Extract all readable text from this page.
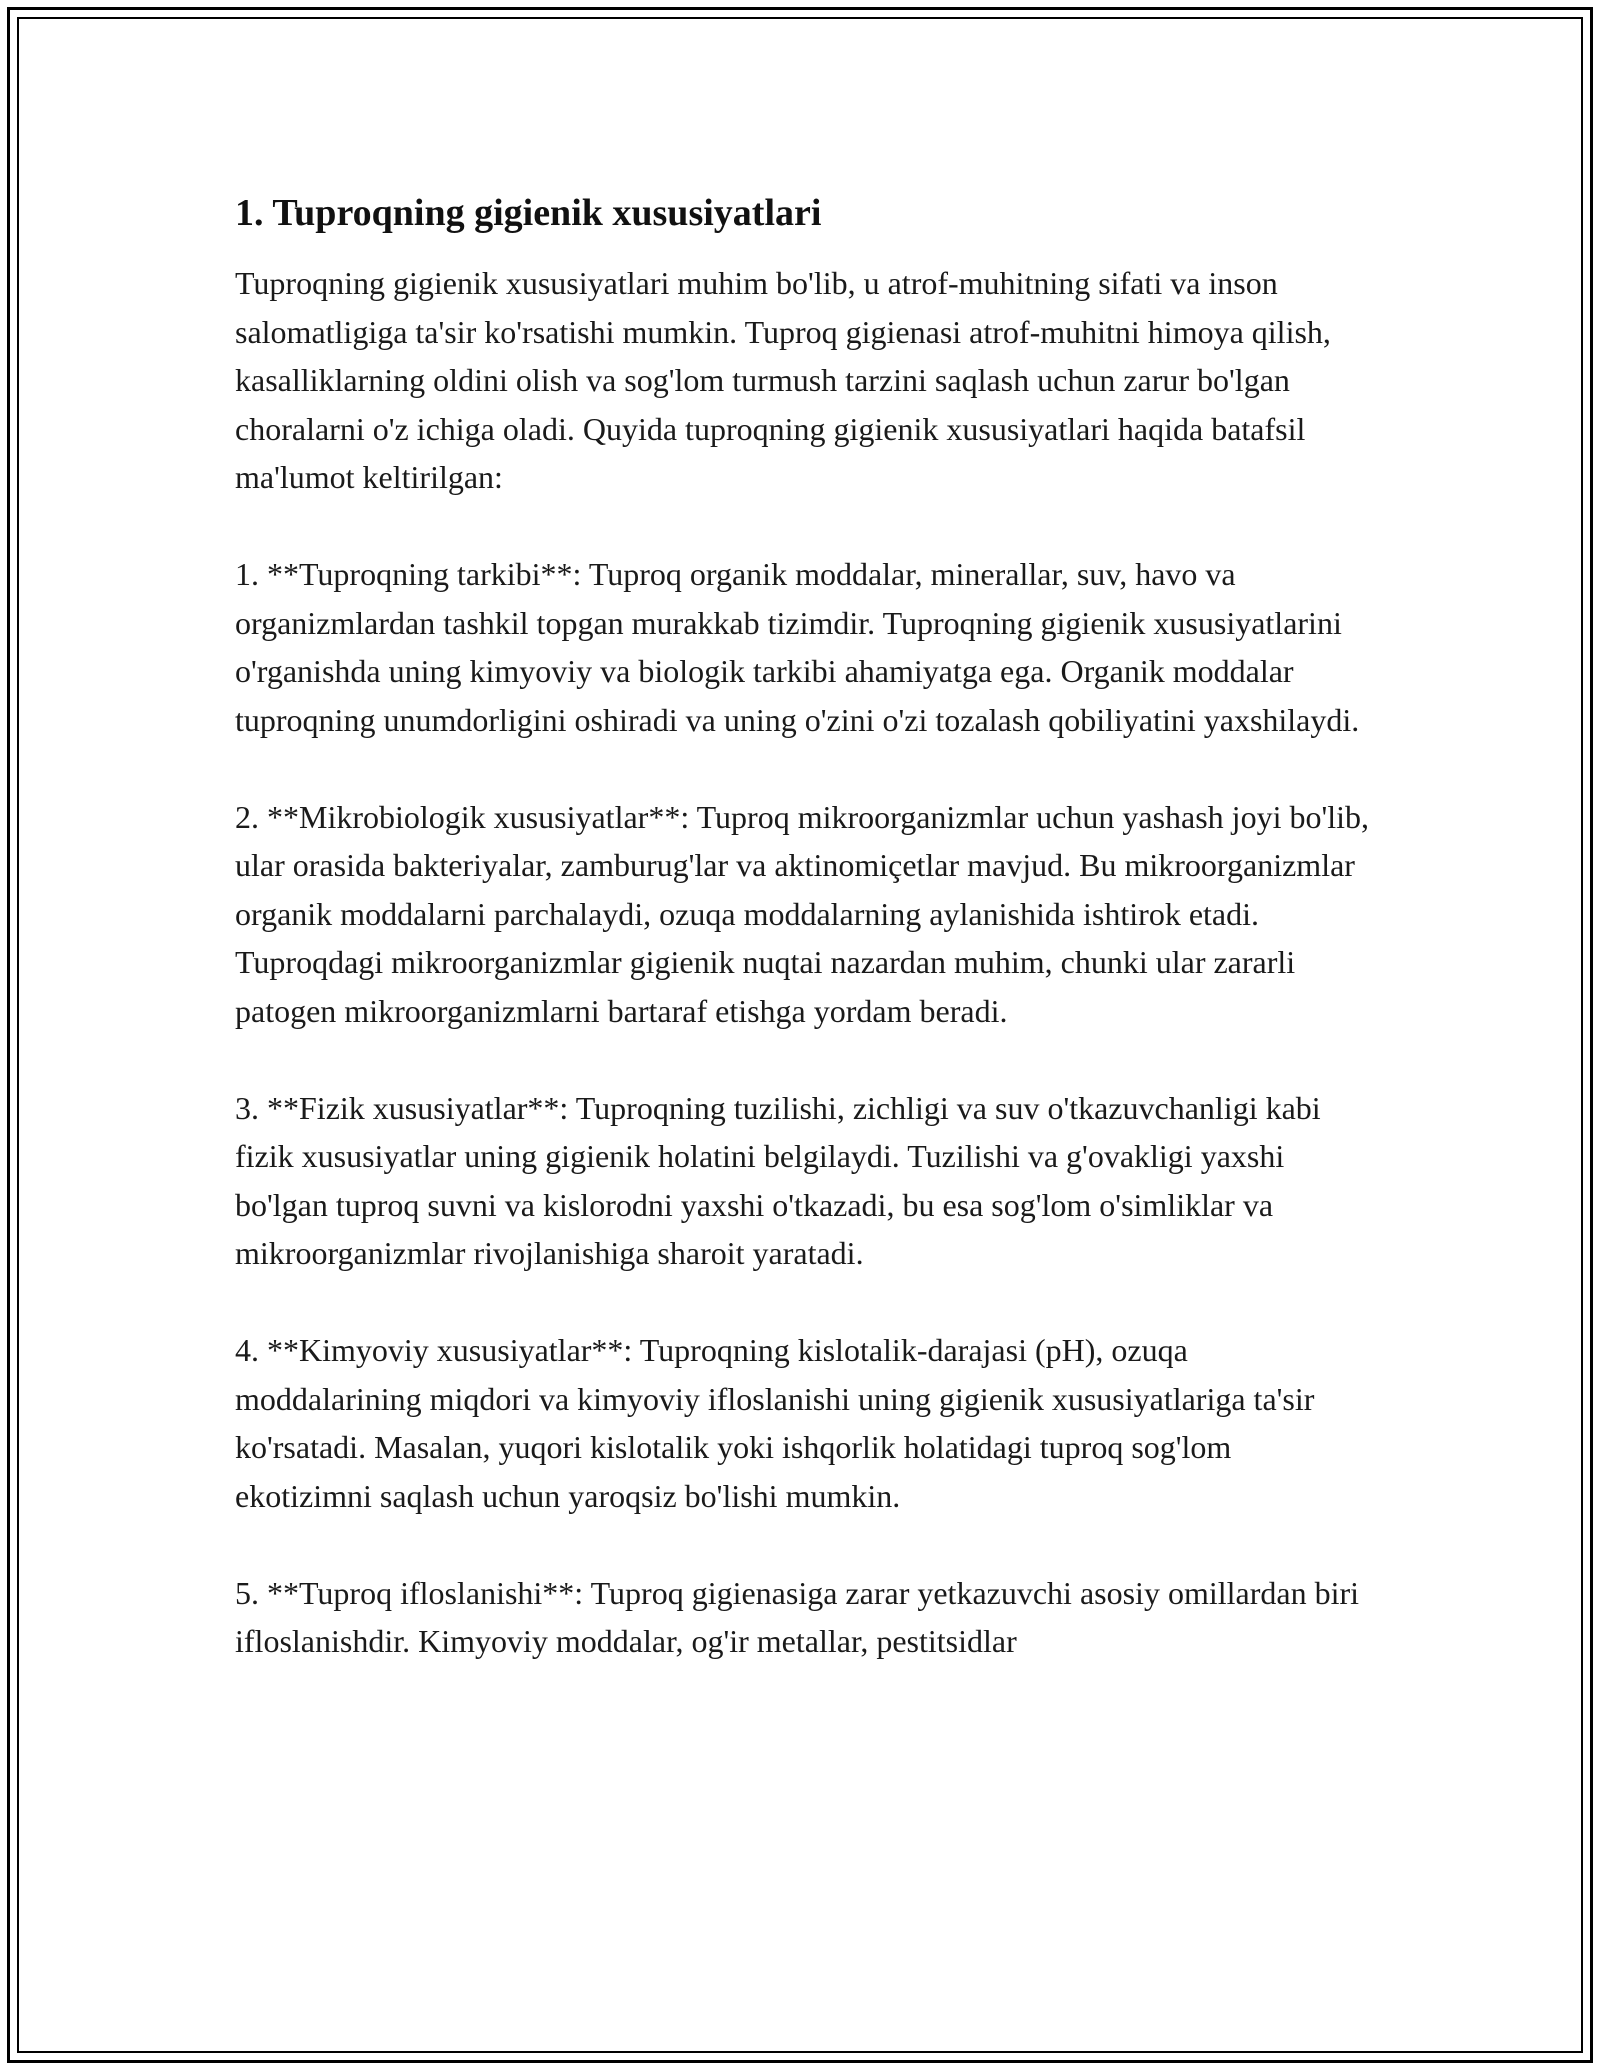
1. Tuproqning gigienik xususiyatlari

Tuproqning gigienik xususiyatlari muhim bo'lib, u atrof-muhitning sifati va inson salomatligiga ta'sir ko'rsatishi mumkin. Tuproq gigienasi atrof-muhitni himoya qilish, kasalliklarning oldini olish va sog'lom turmush tarzini saqlash uchun zarur bo'lgan choralarni o'z ichiga oladi. Quyida tuproqning gigienik xususiyatlari haqida batafsil ma'lumot keltirilgan:

1. **Tuproqning tarkibi**: Tuproq organik moddalar, minerallar, suv, havo va organizmlardan tashkil topgan murakkab tizimdir. Tuproqning gigienik xususiyatlarini o'rganishda uning kimyoviy va biologik tarkibi ahamiyatga ega. Organik moddalar tuproqning unumdorligini oshiradi va uning o'zini o'zi tozalash qobiliyatini yaxshilaydi.

2. **Mikrobiologik xususiyatlar**: Tuproq mikroorganizmlar uchun yashash joyi bo'lib, ular orasida bakteriyalar, zamburug'lar va aktinomiçetlar mavjud. Bu mikroorganizmlar organik moddalarni parchalaydi, ozuqa moddalarning aylanishida ishtirok etadi. Tuproqdagi mikroorganizmlar gigienik nuqtai nazardan muhim, chunki ular zararli patogen mikroorganizmlarni bartaraf etishga yordam beradi.

3. **Fizik xususiyatlar**: Tuproqning tuzilishi, zichligi va suv o'tkazuvchanligi kabi fizik xususiyatlar uning gigienik holatini belgilaydi. Tuzilishi va g'ovakligi yaxshi bo'lgan tuproq suvni va kislorodni yaxshi o'tkazadi, bu esa sog'lom o'simliklar va mikroorganizmlar rivojlanishiga sharoit yaratadi.

4. **Kimyoviy xususiyatlar**: Tuproqning kislotalik-darajasi (pH), ozuqa moddalarining miqdori va kimyoviy ifloslanishi uning gigienik xususiyatlariga ta'sir ko'rsatadi. Masalan, yuqori kislotalik yoki ishqorlik holatidagi tuproq sog'lom ekotizimni saqlash uchun yaroqsiz bo'lishi mumkin.

5. **Tuproq ifloslanishi**: Tuproq gigienasiga zarar yetkazuvchi asosiy omillardan biri ifloslanishdir. Kimyoviy moddalar, og'ir metallar, pestitsidlar
